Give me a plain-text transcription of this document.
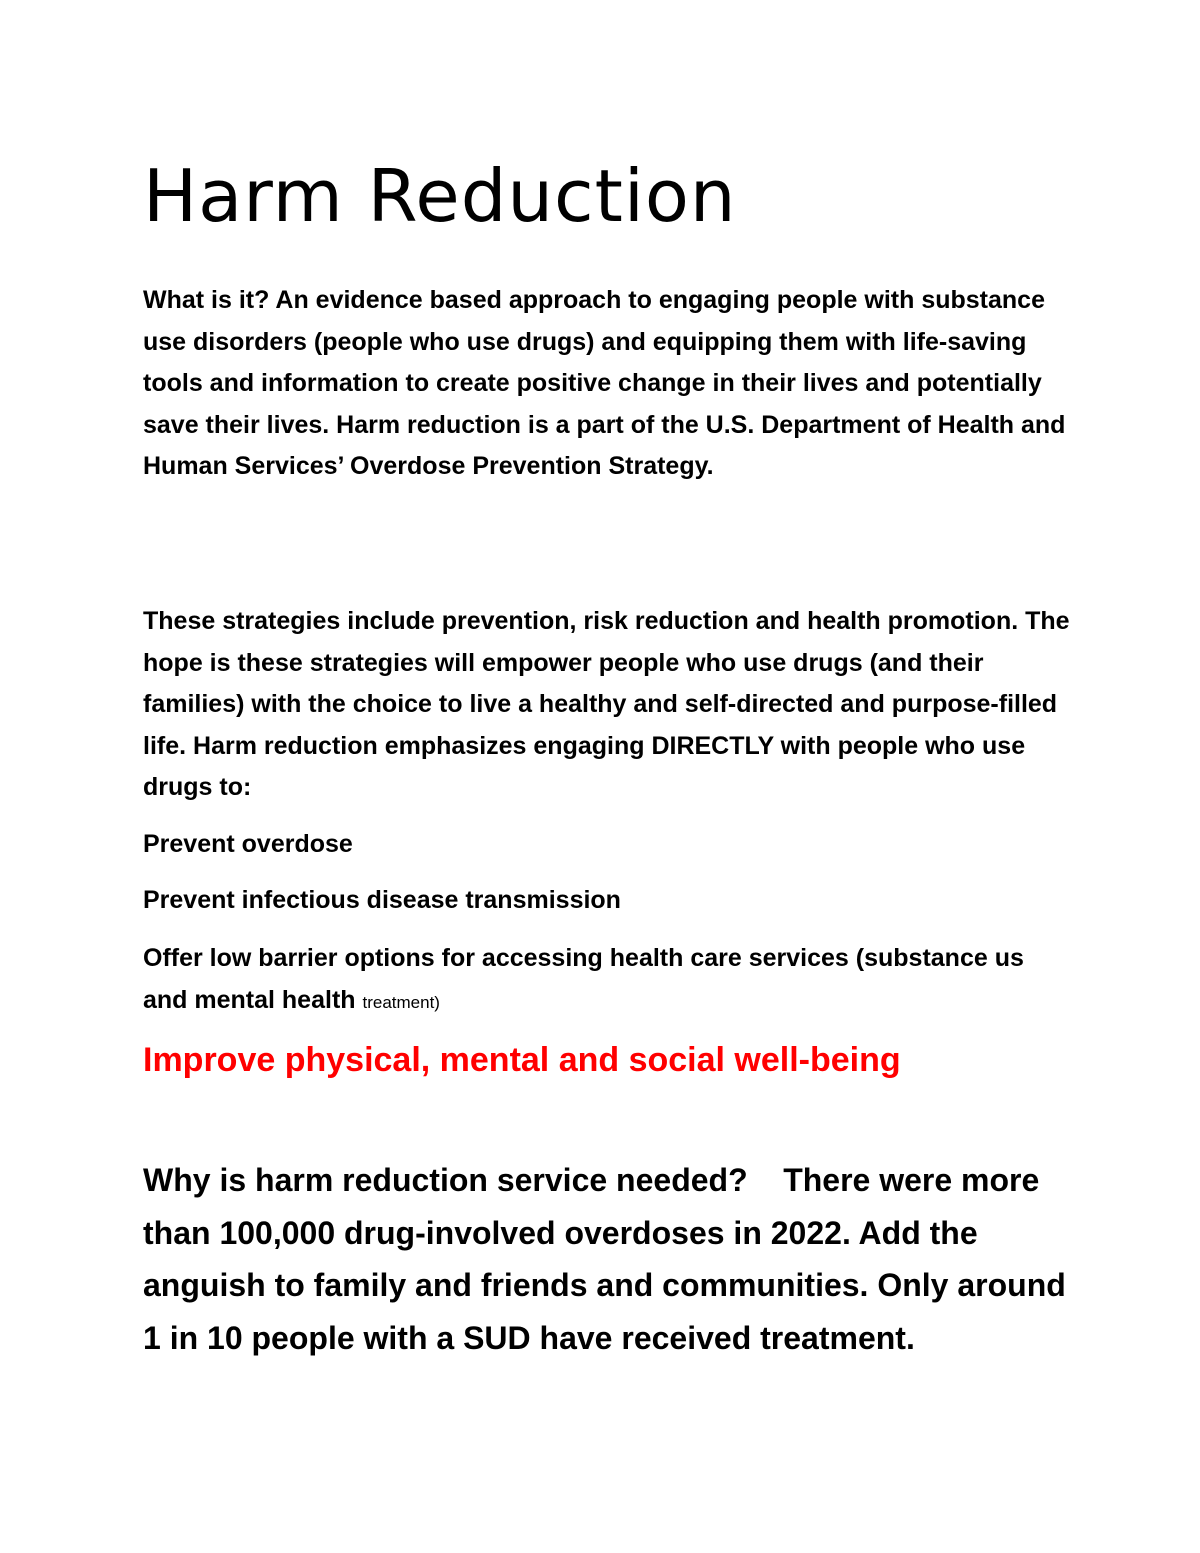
Harm Reduction

What is it? An evidence based approach to engaging people with substance use disorders (people who use drugs) and equipping them with life-saving tools and information to create positive change in their lives and potentially save their lives. Harm reduction is a part of the U.S. Department of Health and Human Services’ Overdose Prevention Strategy.

These strategies include prevention, risk reduction and health promotion. The hope is these strategies will empower people who use drugs (and their families) with the choice to live a healthy and self-directed and purpose-filled life. Harm reduction emphasizes engaging DIRECTLY with people who use drugs to:

Prevent overdose

Prevent infectious disease transmission

Offer low barrier options for accessing health care services (substance us and mental health treatment)

Improve physical, mental and social well-being

Why is harm reduction service needed?    There were more than 100,000 drug-involved overdoses in 2022. Add the anguish to family and friends and communities. Only around 1 in 10 people with a SUD have received treatment.
